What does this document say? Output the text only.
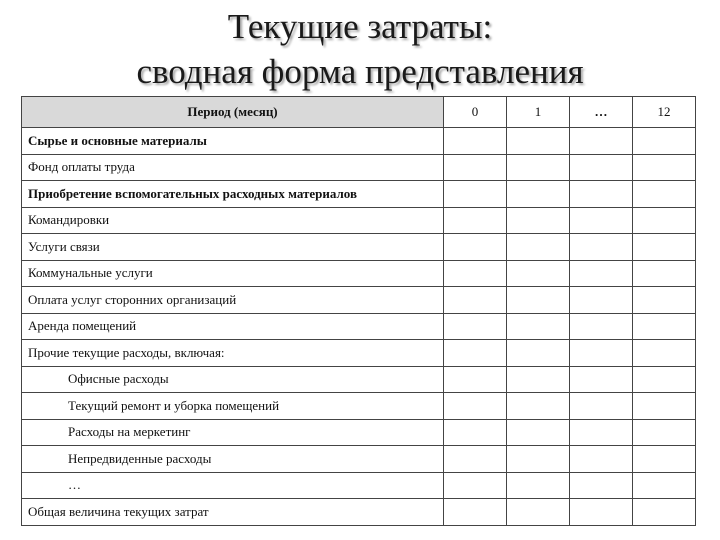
Текущие затраты:
сводная форма представления
Период (месяц)	0	1	…	12
Сырье и основные материалы				
Фонд оплаты труда				
Приобретение вспомогательных расходных материалов				
Командировки				
Услуги связи				
Коммунальные услуги				
Оплата услуг сторонних организаций				
Аренда помещений				
Прочие текущие расходы, включая:				
Офисные расходы				
Текущий ремонт и уборка помещений				
Расходы на меркетинг				
Непредвиденные расходы				
…				
Общая величина текущих затрат				
